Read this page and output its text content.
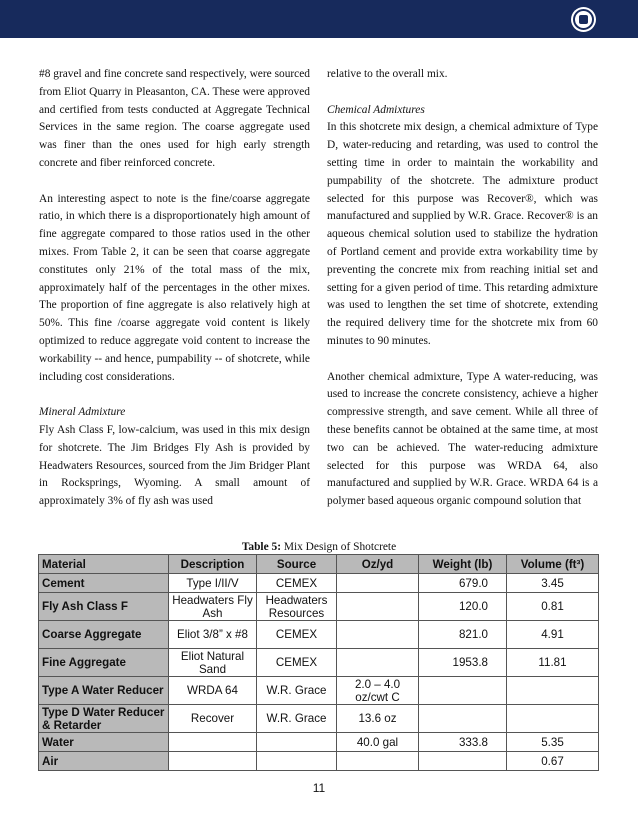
#8 gravel and fine concrete sand respectively, were sourced from Eliot Quarry in Pleasanton, CA. These were approved and certified from tests conducted at Aggregate Technical Services in the same region. The coarse aggregate used was finer than the ones used for high early strength concrete and fiber reinforced concrete.

An interesting aspect to note is the fine/coarse aggregate ratio, in which there is a disproportionately high amount of fine aggregate compared to those ratios used in the other mixes. From Table 2, it can be seen that coarse aggregate constitutes only 21% of the total mass of the mix, approximately half of the percentages in the other mixes. The proportion of fine aggregate is also relatively high at 50%. This fine /coarse aggregate void content is likely optimized to reduce aggregate void content to increase the workability -- and hence, pumpability -- of shotcrete, while including cost considerations.

Mineral Admixture
Fly Ash Class F, low-calcium, was used in this mix design for shotcrete. The Jim Bridges Fly Ash is provided by Headwaters Resources, sourced from the Jim Bridger Plant in Rocksprings, Wyoming. A small amount of approximately 3% of fly ash was used

relative to the overall mix.

Chemical Admixtures
In this shotcrete mix design, a chemical admixture of Type D, water-reducing and retarding, was used to control the setting time in order to maintain the workability and pumpability of the shotcrete. The admixture product selected for this purpose was Recover®, which was manufactured and supplied by W.R. Grace. Recover® is an aqueous chemical solution used to stabilize the hydration of Portland cement and provide extra workability time by preventing the concrete mix from reaching initial set and setting for a given period of time. This retarding admixture was used to lengthen the set time of shotcrete, extending the required delivery time for the shotcrete mix from 60 minutes to 90 minutes.

Another chemical admixture, Type A water-reducing, was used to increase the concrete consistency, achieve a higher compressive strength, and save cement. While all three of these benefits cannot be obtained at the same time, at most two can be achieved. The water-reducing admixture selected for this purpose was WRDA 64, also manufactured and supplied by W.R. Grace. WRDA 64 is a polymer based aqueous organic compound solution that

Table 5: Mix Design of Shotcrete
Material	Description	Source	Oz/yd	Weight (lb)	Volume (ft³)
Cement	Type I/II/V	CEMEX		679.0	3.45
Fly Ash Class F	Headwaters Fly Ash	Headwaters Resources		120.0	0.81
Coarse Aggregate	Eliot 3/8” x #8	CEMEX		821.0	4.91
Fine Aggregate	Eliot Natural Sand	CEMEX		1953.8	11.81
Type A Water Reducer	WRDA 64	W.R. Grace	2.0 – 4.0 oz/cwt C		
Type D Water Reducer & Retarder	Recover	W.R. Grace	13.6 oz		
Water			40.0 gal	333.8	5.35
Air					0.67
11
